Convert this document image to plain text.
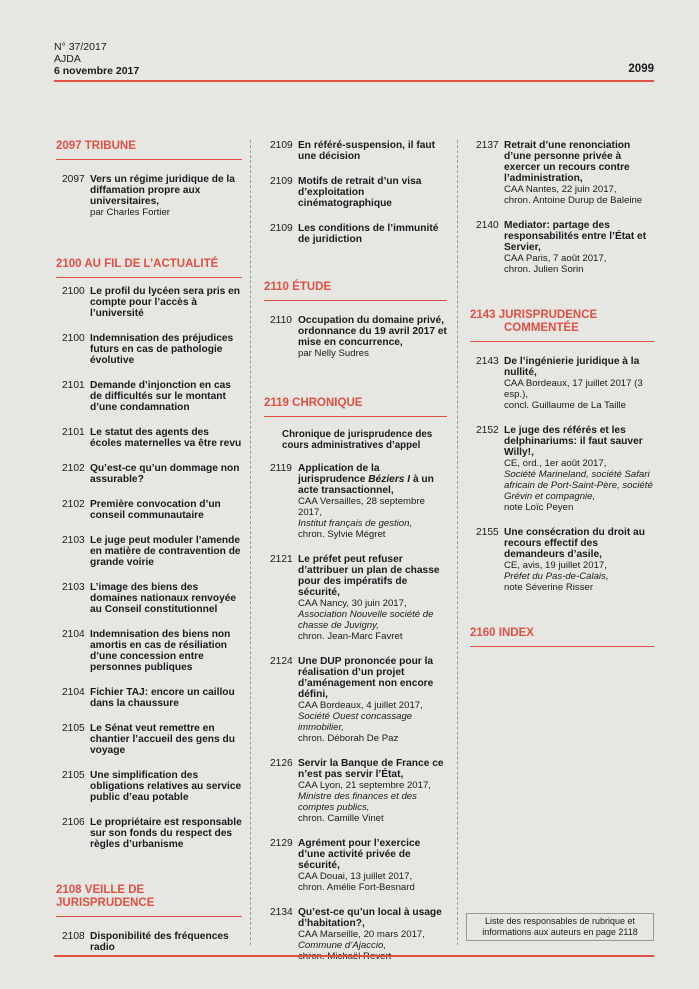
N° 37/2017
AJDA
6 novembre 2017	2099
2097 TRIBUNE
2097 Vers un régime juridique de la diffamation propre aux universitaires,
par Charles Fortier
2100 AU FIL DE L’ACTUALITÉ
2100 Le profil du lycéen sera pris en compte pour l’accès à l’université
2100 Indemnisation des préjudices futurs en cas de pathologie évolutive
2101 Demande d’injonction en cas de difficultés sur le montant d’une condamnation
2101 Le statut des agents des écoles maternelles va être revu
2102 Qu’est-ce qu’un dommage non assurable?
2102 Première convocation d’un conseil communautaire
2103 Le juge peut moduler l’amende en matière de contravention de grande voirie
2103 L’image des biens des domaines nationaux renvoyée au Conseil constitutionnel
2104 Indemnisation des biens non amortis en cas de résiliation d’une concession entre personnes publiques
2104 Fichier TAJ: encore un caillou dans la chaussure
2105 Le Sénat veut remettre en chantier l’accueil des gens du voyage
2105 Une simplification des obligations relatives au service public d’eau potable
2106 Le propriétaire est responsable sur son fonds du respect des règles d’urbanisme
2108 VEILLE DE JURISPRUDENCE
2108 Disponibilité des fréquences radio
2109 En référé-suspension, il faut une décision
2109 Motifs de retrait d’un visa d’exploitation cinématographique
2109 Les conditions de l’immunité de juridiction
2110 ÉTUDE
2110 Occupation du domaine privé, ordonnance du 19 avril 2017 et mise en concurrence,
par Nelly Sudres
2119 CHRONIQUE
Chronique de jurisprudence des cours administratives d’appel
2119 Application de la jurisprudence Béziers I à un acte transactionnel,
CAA Versailles, 28 septembre 2017,
Institut français de gestion,
chron. Sylvie Mégret
2121 Le préfet peut refuser d’attribuer un plan de chasse pour des impératifs de sécurité,
CAA Nancy, 30 juin 2017,
Association Nouvelle société de chasse de Juvigny,
chron. Jean-Marc Favret
2124 Une DUP prononcée pour la réalisation d’un projet d’aménagement non encore défini,
CAA Bordeaux, 4 juillet 2017,
Société Ouest concassage immobilier,
chron. Déborah De Paz
2126 Servir la Banque de France ce n’est pas servir l’État,
CAA Lyon, 21 septembre 2017,
Ministre des finances et des comptes publics,
chron. Camille Vinet
2129 Agrément pour l’exercice d’une activité privée de sécurité,
CAA Douai, 13 juillet 2017,
chron. Amélie Fort-Besnard
2134 Qu’est-ce qu’un local à usage d’habitation?,
CAA Marseille, 20 mars 2017,
Commune d’Ajaccio,
2137 Retrait d’une renonciation d’une personne privée à exercer un recours contre l’administration,
CAA Nantes, 22 juin 2017,
chron. Antoine Durup de Baleine
2140 Mediator: partage des responsabilités entre l’État et Servier,
CAA Paris, 7 août 2017,
chron. Julien Sorin
2143 JURISPRUDENCE
COMMENTÉE
2143 De l’ingénierie juridique à la nullité,
CAA Bordeaux, 17 juillet 2017 (3 esp.),
concl. Guillaume de La Taille
2152 Le juge des référés et les delphinariums: il faut sauver Willy!,
CE, ord., 1er août 2017,
Société Marineland, société Safari africain de Port-Saint-Père, société Grévin et compagnie,
note Loïc Peyen
2155 Une consécration du droit au recours effectif des demandeurs d’asile,
CE, avis, 19 juillet 2017,
Préfet du Pas-de-Calais,
note Séverine Risser
2160 INDEX
Liste des responsables de rubrique et informations aux auteurs en page 2118
